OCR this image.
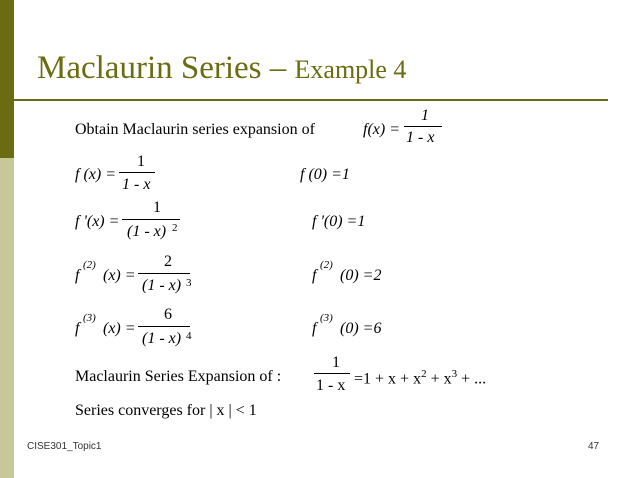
Maclaurin Series – Example 4
Obtain Maclaurin series expansion of	f(x) =
1
1 - x
f (x) =
1
1 - x
f (0) =1
f '(x) =
1
(1 - x) 2	f '(0) =1
f
(2)
(x) =
2
(1 - x) 3	f
(2)
(0) =2
f
(3)
(x) =
6
(1 - x) 4	f
(3)
(0) =6
Maclaurin Series Expansion of :
1
$1 - x =1 + x + x^2 + x^3$ + ...
Series converges for | x | < 1
CISE301_Topic1	47
